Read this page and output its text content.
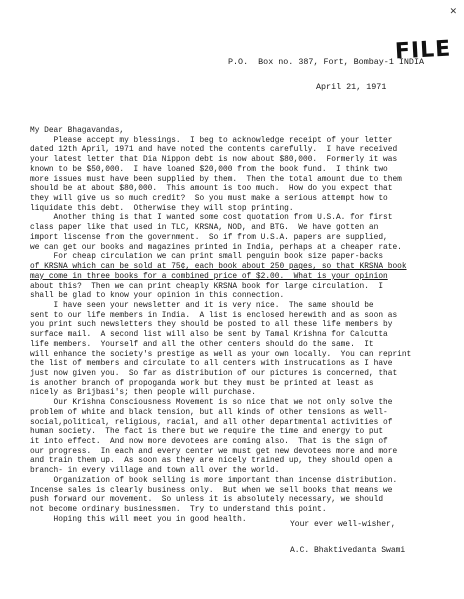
✕
FILE
P.O.  Box no. 387, Fort, Bombay-1 INDIA
April 21, 1971
My Dear Bhagavandas,
Please accept my blessings.  I beg to acknowledge receipt of your letter
dated 12th April, 1971 and have noted the contents carefully.  I have received
your latest letter that Dia Nippon debt is now about $80,000.  Formerly it was
known to be $50,000.  I have loaned $20,000 from the book fund.  I think two
more issues must have been supplied by them.  Then the total amount due to them
should be at about $80,000.  This amount is too much.  How do you expect that
they will give us so much credit?  So you must make a serious attempt how to
liquidate this debt.  Otherwise they will stop printing.
Another thing is that I wanted some cost quotation from U.S.A. for first
class paper like that used in TLC, KRSNA, NOD, and BTG.  We have gotten an
import liscense from the government.  So if from U.S.A. papers are supplied,
we can get our books and magazines printed in India, perhaps at a cheaper rate.
For cheap circulation we can print small penguin book size paper-backs
of KRSNA which can be sold at 75¢, each book about 250 pages, so that KRSNA book
may come in three books for a combined price of $2.00.  What is your opinion
about this?  Then we can print cheaply KRSNA book for large circulation.  I
shall be glad to know your opinion in this connection.
I have seen your newsletter and it is very nice.  The same should be
sent to our life members in India.  A list is enclosed herewith and as soon as
you print such newsletters they should be posted to all these life members by
surface mail.  A second list will also be sent by Tamal Krishna for Calcutta
life members.  Yourself and all the other centers should do the same.  It
will enhance the society's prestige as well as your own locally.  You can reprint
the list of members and circulate to all centers with instrucations as I have
just now given you.  So far as distribution of our pictures is concerned, that
is another branch of propoganda work but they must be printed at least as
nicely as Brijbasi's; then people will purchase.
Our Krishna Consciousness Movement is so nice that we not only solve the
problem of white and black tension, but all kinds of other tensions as well-
social,political, religious, racial, and all other departmental activities of
human society.  The fact is there but we require the time and energy to put
it into effect.  And now more devotees are coming also.  That is the sign of
our progress.  In each and every center we must get new devotees more and more
and train them up.  As soon as they are nicely trained up, they should open a
branch- in every village and town all over the world.
Organization of book selling is more important than incense distribution.
Incense sales is clearly business only.  But when we sell books that means we
push forward our movement.  So unless it is absolutely necessary, we should
not become ordinary businessmen.  Try to understand this point.
Hoping this will meet you in good health.
Your ever well-wisher,
A.C. Bhaktivedanta Swami
